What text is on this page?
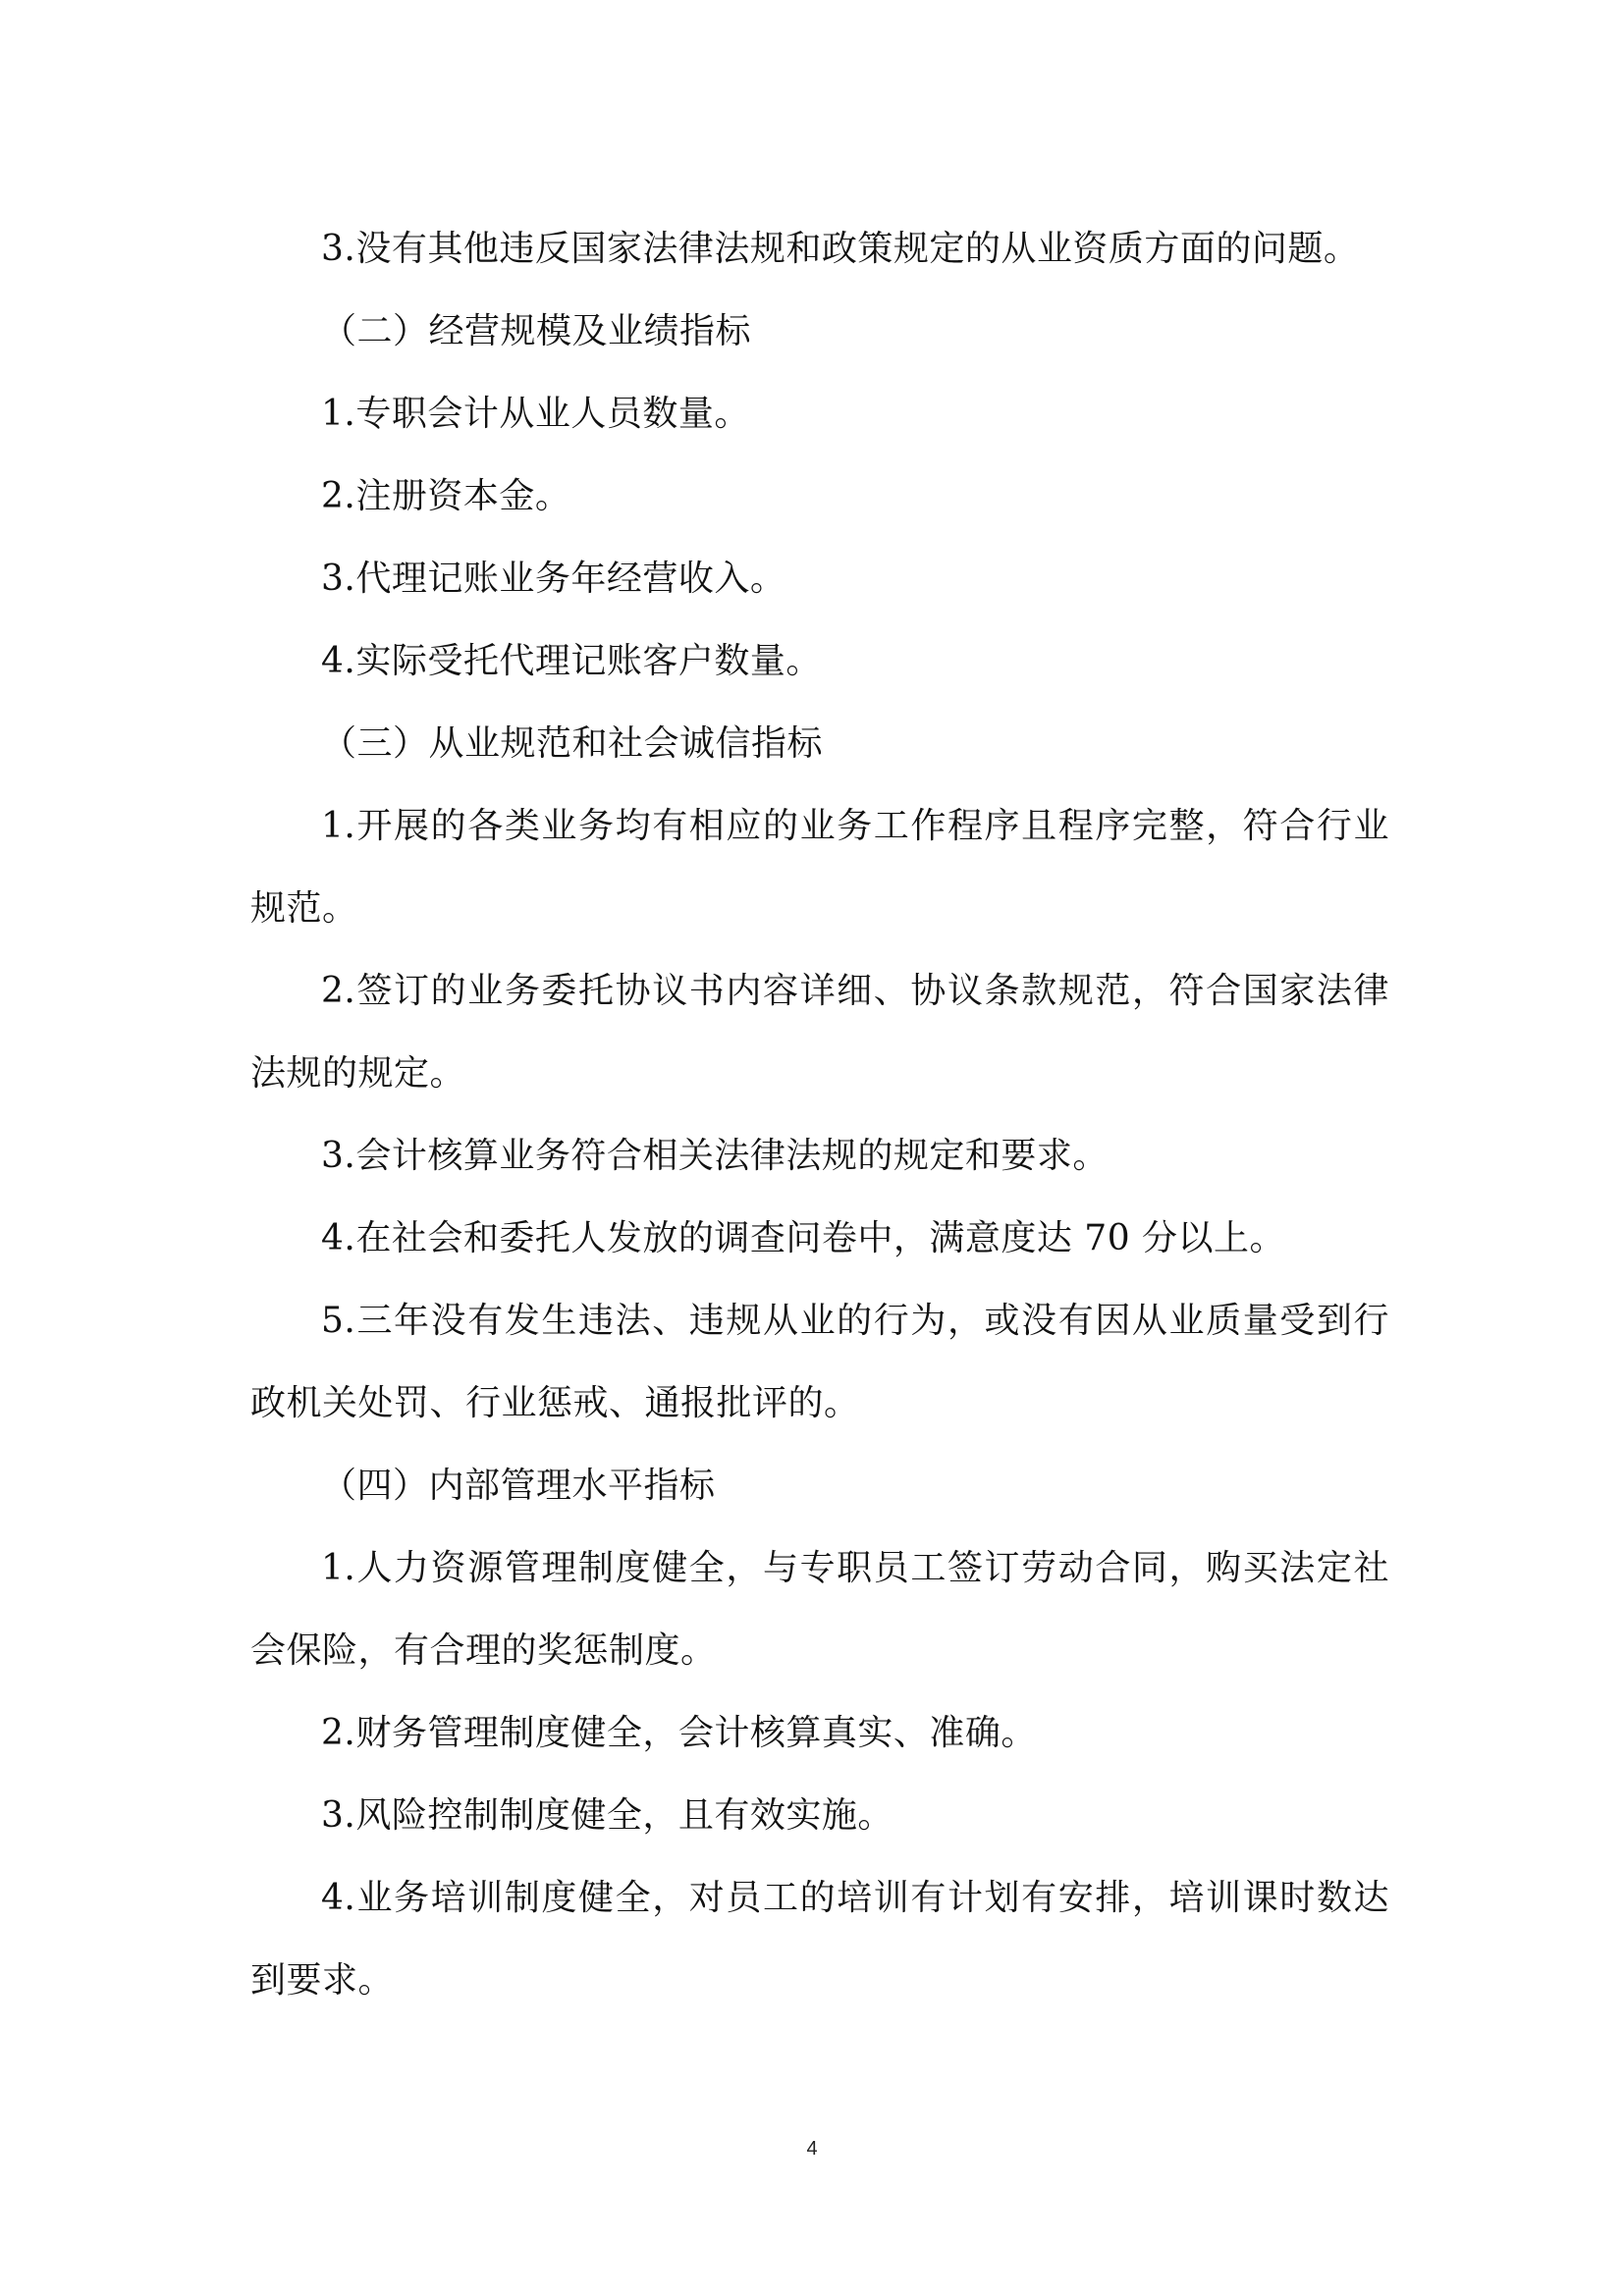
3.没有其他违反国家法律法规和政策规定的从业资质方面的问题。

（二）经营规模及业绩指标

1.专职会计从业人员数量。

2.注册资本金。

3.代理记账业务年经营收入。

4.实际受托代理记账客户数量。

（三）从业规范和社会诚信指标

1.开展的各类业务均有相应的业务工作程序且程序完整，符合行业规范。

2.签订的业务委托协议书内容详细、协议条款规范，符合国家法律法规的规定。

3.会计核算业务符合相关法律法规的规定和要求。

4.在社会和委托人发放的调查问卷中，满意度达 70 分以上。

5.三年没有发生违法、违规从业的行为，或没有因从业质量受到行政机关处罚、行业惩戒、通报批评的。

（四）内部管理水平指标

1.人力资源管理制度健全，与专职员工签订劳动合同，购买法定社会保险，有合理的奖惩制度。

2.财务管理制度健全，会计核算真实、准确。

3.风险控制制度健全，且有效实施。

4.业务培训制度健全，对员工的培训有计划有安排，培训课时数达到要求。

4
